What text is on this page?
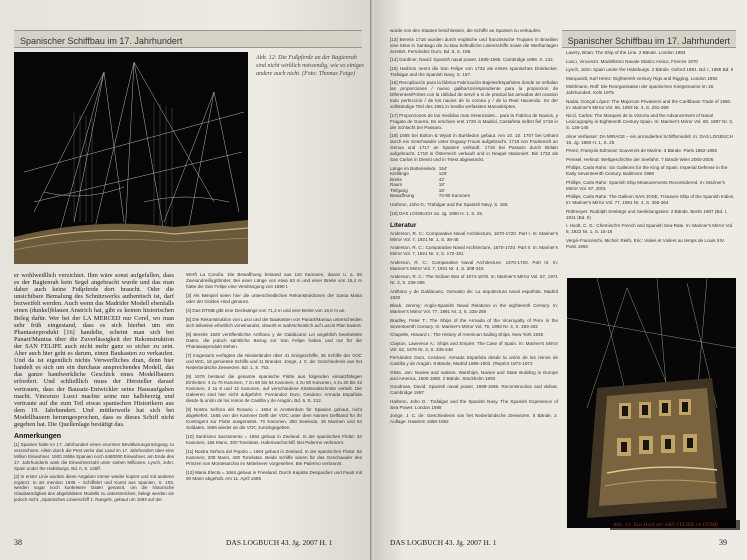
Spanischer Schiffbau im 17. Jahrhundert
Abb. 12: Die Fußpferde an der Bagienrah sind nicht wirklich notwendig, wie so einiges andere auch nicht. (Foto: Thomas Feige)

er wohlweißlich verzichtet. Ihm wäre sonst aufgefallen, dass es der Bagienrah kein Segel angebracht wurde und das man daher auch keine Fußpferde dort braucht. Oder die unsichtbare Bemalung des Schnitzwerks authentisch ist, darf bezweifelt werden. Auch wenn das Madrider Modell ebenfalls einen (dunkel)blauen Anstrich hat, gibt es keinen historischen Beleg dafür. Wer bei der LA MERCED nur Corel, wo man sehr früh eingestand, dass es sich hierbei um ein Phantasieprodukt [16] handelte, scheint man sich bei Panart/Mantua über die Zuverlässigkeit der Rekonstruktion der SAN FELIPE auch nicht mehr ganz so sicher zu sein. Aber auch hier geht es darum, einen Baukasten zu verkaufen. Und da ist eigentlich nichts Verwerfliches dran, denn hier handelt es sich um ein durchaus ansprechendes Modell, das das ganze handwerkliche Geschick eines Modellbauers erfordert. Und schließlich muss der Hersteller darauf vertrauen, dass der Bausatz-Entwickler seine Hausaufgaben macht. Vincenzo Lusci machte seine nur halbherzig und vertraute auf die zum Teil etwas spanischen Historikern aus dem 19. Jahrhundert. Und mittlerweile hat sich bei Modellbauern herumgesprochen, dass es dieses Schiff nicht gegeben hat. Die Quellenlage bestätigt das.

Anmerkungen

[1] Spanien hatte im 17. Jahrhundert einen enormen Bevölkerungsrückgang zu verzeichnen. Allein durch die Pest verlor das Land im 17. Jahrhundert über eine Million Einwohner. 1600 zählte Spanien noch 8480000 Einwohner, am Ende des 17. Jahrhunderts sank die Einwohnerzahl unter sieben Millionen. Lynch, John: Spain under the Habsburgs. Bd. II, S. 136ff.

[2] In erster Linie wurden diese Angaben immer wieder kopiert und mit anderen ergänzt. In art mention 1936 – Schiffahrt und Kunst aus Spanien, S. 103, werden sogar noch konkretere Daten genannt, um die historische Glaubwürdigkeit des abgebildeten Modells zu unterstreichen, belegt werden sie jedoch nicht. „Spanisches Linienschiff 1: Rangels, gebaut um 1693 auf der

Werft La Coruña. Die Bewaffnung bestand aus 110 Kanonen, davon u. a. 50 Zweiundreißigpfünder. Bei einer Länge von etwa 63 m und einer Breite von 16,4 m hatte die San Felipe eine Verdrängung von 1890 t.

[3] Als Beispiel seien hier die unterschiedlichen Rekonstruktionen der Santa Maria oder der Golden Hind genannt.

[4] Das DTMB gibt eine Decksänge von 71,2 m und eine Breite von 16,8 m an.

[5] Die Rekonstruktion von Lusci und der Baukasten von Panart/Mantua unterscheiden sich teilweise erheblich voneinander, obwohl er wahrscheinlich auf Luscis Plan basiert.

[6] Bereits 1920 veröffentlichte Artiñano y de Galdácano Lei angeblich bearbeitete Daten, die jedoch sämtliche Bezug zur San Felipe haben und nur für die Phantasieprodukt stehen.

[7] Insgesamt verfügten die Niederländer über 41 Kriegsschiffe, 36 Schiffe der VOC und WIC, 18 gemietete Schiffe und 11 Brander. Jonge, J. C. de: Geschiedenis van het Nederlandsche Zeewezen. Bd. 1, S. 753.

[8] 1676 bestand die gesamte spanische Flotte aus folgenden einsatzfähigen Einheiten: 4 zu 70 Kanonen, 7 zu 60 bis 64 Kanonen, 4 zu 50 Kanonen, 4 zu 20 bis 42 Kanonen, 2 zu 8 und 12 Kanonen, auf verschiedene Küstenabschnitte verteilt. Die Galeeren sind hier nicht aufgeführt. Fernández Duro, Cesáreo: Armada Española desde la unión de los reinos de Castilla y de Aragón, Bd. 5, S. 212.

[9] Nostra Señora del Rosario = 1664 in Amsterdam für Spanien gebaut, nicht abgeliefert. 1665 von der Kammer Delft der VOC unter dem Namen Delftland für ihr Kontingent zur Flotte ausgerüstet. 70 Kanonen, 350 Seeleute, 35 Marinen und 64 Soldaten. 1666 wieder an die VOC zurückgegeben.

[10] Santísimo Sacramento = 1664 gebaut in Zeeland. In der spanischen Flotte: 34 Kanonen, 156 Mann, 300 Tonelatas. Hafenwachschiff. Bei Palermo verbrannt.

[11] Nostra Señora del Popolo = 1664 gebaut in Zeeland. In der spanischen Flotte: 52 Kanonen, 208 Mann, 400 Tonelatas. Beide Schiffe waren für das Geschwader des Prinzen von Montesarchio im Mittelmeer vorgesehen. Bei Palermo verbrannt.

[12] Maria Electa = 1664 gebaut in Friesland. Durch Kapitän Despardiez und Faust mit 90 Mann abgeholt. Am 11. April 1665

38	DAS LOGBUCH 43. Jg. 2007 H. 1
Spanischer Schiffbau im 17. Jahrhundert

wurde von den Staaten beschlossen, die Schiffe an Spanien zu verkaufen.

[13] Bereits 1716 wurden durch englische und französische Truppen in Brasilien eine Mine in Santiago die zu Bau befindliche Linienschiffe sowie die Werftanlagen zerstört. Fernández Duro, Bd. 6, S. 158.

[14] Gardiner, David: Spanish naval power, 1589-1665. Cambridge 1988. S. 132.

[15] Harbron nennt die San Felipe von 1732 als erstes spanisches Dreidecker. Trafalgar and the Spanish Navy, S. 167.

[16] Recopilación para la fábrica Fabricación Bajeles/Españoles donde se señalan las proporciones / nuevo galibo/correspondiente para la proporcion de Diferentes/Portes con la Utilidad de servir a si de pratical las armadas del ocasion todo perfeccion / de los navios de la corona y / de la Real Hacienda. So der vollständige Titel des 1681 in Sevilla verfassten Manuskriptes.

[17] Proporciones de las medidas mas essenciales... para la Fabrica de Navios, y Fragata de Guerra. Es erschien erst 1720 in Madrid, Castañeta selbst fiel 1718 in der Schlacht bei Passaro.

[18] 1665 bei Bolton & Wyatt in Bursledon gebaut. Am 10. 10. 1707 bei Ushant durch ein Geschwader unter Duguay-Trouin aufgebracht. 1718 von Frankreich an Genua und 1717 an Spanien verkauft. 1718 bei Passaro durch Britain aufgebracht. 1719 in Österreich verkauft und in Neapel stationiert. Bis 1733 als San Carlos in Dienst und in Triest abgewrackt.

Länge im Batteriedeck	154'
Kiellänge	126'
Breite	42'
Raum	18'
Tiefgang	18'
Bewaffnung	72-80 Kanonen

Harbron, John D.: Trafalgar and the Spanish Navy. S. 165.

[19] DAS LOGBUCH 16. Jg. 1980 H. 1, S. 25.

Literatur

Anderson, R. C.: Comparative Naval Architecture, 1670-1720. Part I. In: Mariner's Mirror Vol. 7, 1921 Nr. 1, S. 38-45

Anderson, R. C.: Comparative Naval Architecture, 1670-1720. Part II. In: Mariner's Mirror Vol. 7, 1921 Nr. 2, S. 172-181

Anderson, R. C.: Comparative Naval Architecture, 1670-1720. Part III. In: Mariner's Mirror Vol. 7, 1921 Nr. 4, S. 308-315

Anderson, R. C.: The Sicilian War of 1674-1678. In: Mariner's Mirror Vol. 57, 1971 Nr. 3, S. 239-265

Artiñano y de Galdácano, Gervasio de: La arquitectura naval española. Madrid 1920

Black, Jeremy: Anglo-Spanish Naval Relations in the eighteenth Century. In: Mariner's Mirror Vol. 77, 1991 Nr. 3, S. 235-258

Bradley, Peter T.: The Ships of the Armada of the Viceroyalty of Peru in the Seventeenth Century. In: Mariner's Mirror Vol. 79, 1993 Nr. 4, S. 393-402

Chapelle, Howard I.: The History of American Sailing Ships. New York 1935

Clayton, Lawrence A.: Ships and Empire: The Case of Spain. In: Mariner's Mirror Vol. 62, 1976 Nr. 3, S. 235-248

Fernández Duro, Cesáreo: Armada Española desde la unión de los reinos de Castilla y de Aragón. 9 Bände, Madrid 1895-1903. (Reprint 1972-1973

Glete, Jan: Navies and nations. Warships, Navies and State Building in Europe and America, 1500-1860. 2 Bände, Stockholm 1993

Goodman, David: Spanish naval power, 1589-1665. Reconstruction and defeat. Cambridge 1997

Harbron, John D.: Trafalgar and the Spanish Navy. The Spanish Experience of Sea Power. London 1988

Jonge, J. C. de: Geschiedenis van het Nederlandsche Zeewezen. 5 Bände, 2. Auflage. Haarlem 1858-1862

Lavery, Brian: The Ship of the Line. 2 Bände. London 1983

Lusci, Vincenzo: Modellismo Navale Statico Antico. Firenze 1970

Lynch, John: Spain under the Habsburgs. 2 Bände. Oxford 1981. Bd. I, 1965 Bd. II

Marquardt, Karl Heinz: Eighteenth-century Rigs and Rigging. London 1992

Mühlmann, Rolf: Die Reorganisation der spanischen Kriegsmarine im 18. Jahrhundert. Köln 1975

Nadal, Gonçal López: The Majorcan Privateers and the Caribbean Trade of 1680. In: Mariner's Mirror Vol. 69, 1993 Nr. 3, S. 291-299

Nicci, Carlos: The Marques de la Victoria and the Advancement of Naval Lexicography in Eighteenth Century Spain. In: Mariner's Mirror Vol. 80, 1997 Nr. 3, S. 136-145

ohne Verfasser: DA MIRAGE – ein arrondiertes Schiffsmodell. In: DAS LOGBUCH 16. Jg. 1980 H. 1, S. 25

Pérez, François Edmond: Souvenirs de Marine. 3 Bände. Paris 1882-1892

Pemsel, Helmut: Weltgeschichte der Seefahrt. 7 Bände Wien 2000-2006

Phillips, Carla Rahn: Six Galleons for the King of Spain. Imperial Defense in the Early Seventeenth Century. Baltimore 1986

Phillips, Carla Rahn: Spanish Ship Measurements Reconsidered. In: Mariner's Mirror Vol. 87, 2001

Phillips, Carla Rahn: The Galleon SAN JOSE, Treasure Ship of the Spanish Indies. In: Mariner's Mirror Vol. 77, 1991 Nr. 4, S. 355-364

Röttmeyer: Rudolph Seelärge und Seeleitungssen: 2 Bände. Berlin 1907 (Bd. I, 1911 (Bd. II)

l. Hooft, C. G.: Cheminch's French and Spanish Sea-Rate. In: Mariner's Mirror Vol. 8, 1922 Nr. 1, S. 15-18

Vergé-Franceschi, Michel: Reith, Eric: Voiles et Voilers au temps de Louis XIV. Paris 1992

Abb. 13: Das Heck der SAN FELIPE im DTMB
DAS LOGBUCH 43. Jg. 2007 H. 1	39
